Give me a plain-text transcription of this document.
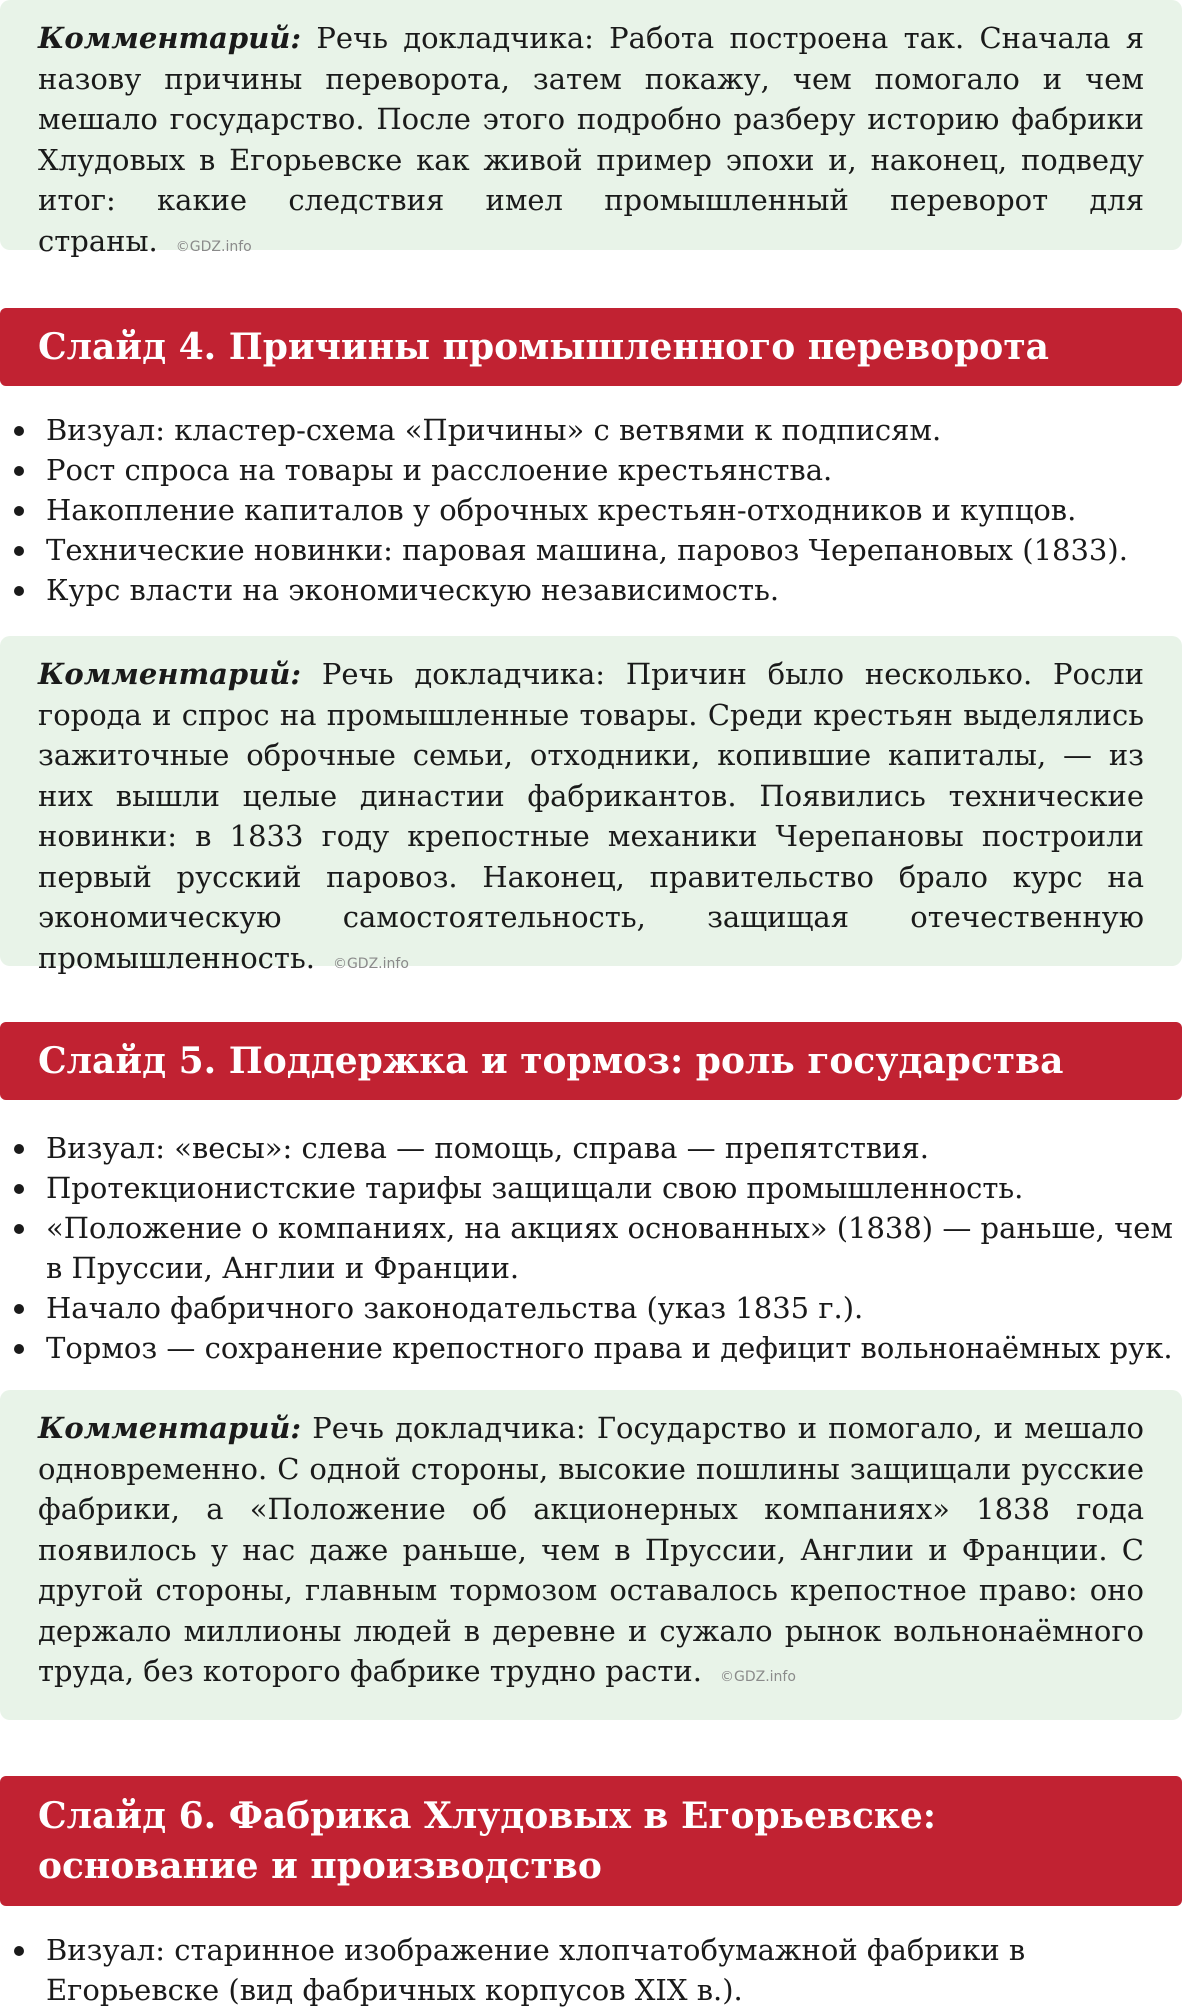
Комментарий: Речь докладчика: Работа построена так. Сначала я назову причины переворота, затем покажу, чем помогало и чем мешало государство. После этого подробно разберу историю фабрики Хлудовых в Егорьевске как живой пример эпохи и, наконец, подведу итог: какие следствия имел промышленный переворот для страны. ©GDZ.info
Слайд 4. Причины промышленного переворота
Визуал: кластер-схема «Причины» с ветвями к подписям.
Рост спроса на товары и расслоение крестьянства.
Накопление капиталов у оброчных крестьян-отходников и купцов.
Технические новинки: паровая машина, паровоз Черепановых (1833).
Курс власти на экономическую независимость.
Комментарий: Речь докладчика: Причин было несколько. Росли города и спрос на промышленные товары. Среди крестьян выделялись зажиточные оброчные семьи, отходники, копившие капиталы, — из них вышли целые династии фабрикантов. Появились технические новинки: в 1833 году крепостные механики Черепановы построили первый русский паровоз. Наконец, правительство брало курс на экономическую самостоятельность, защищая отечественную промышленность. ©GDZ.info
Слайд 5. Поддержка и тормоз: роль государства
Визуал: «весы»: слева — помощь, справа — препятствия.
Протекционистские тарифы защищали свою промышленность.
«Положение о компаниях, на акциях основанных» (1838) — раньше, чем в Пруссии, Англии и Франции.
Начало фабричного законодательства (указ 1835 г.).
Тормоз — сохранение крепостного права и дефицит вольнонаёмных рук.
Комментарий: Речь докладчика: Государство и помогало, и мешало одновременно. С одной стороны, высокие пошлины защищали русские фабрики, а «Положение об акционерных компаниях» 1838 года появилось у нас даже раньше, чем в Пруссии, Англии и Франции. С другой стороны, главным тормозом оставалось крепостное право: оно держало миллионы людей в деревне и сужало рынок вольнонаёмного труда, без которого фабрике трудно расти. ©GDZ.info
Слайд 6. Фабрика Хлудовых в Егорьевске: основание и производство
Визуал: старинное изображение хлопчатобумажной фабрики в Егорьевске (вид фабричных корпусов XIX в.).
